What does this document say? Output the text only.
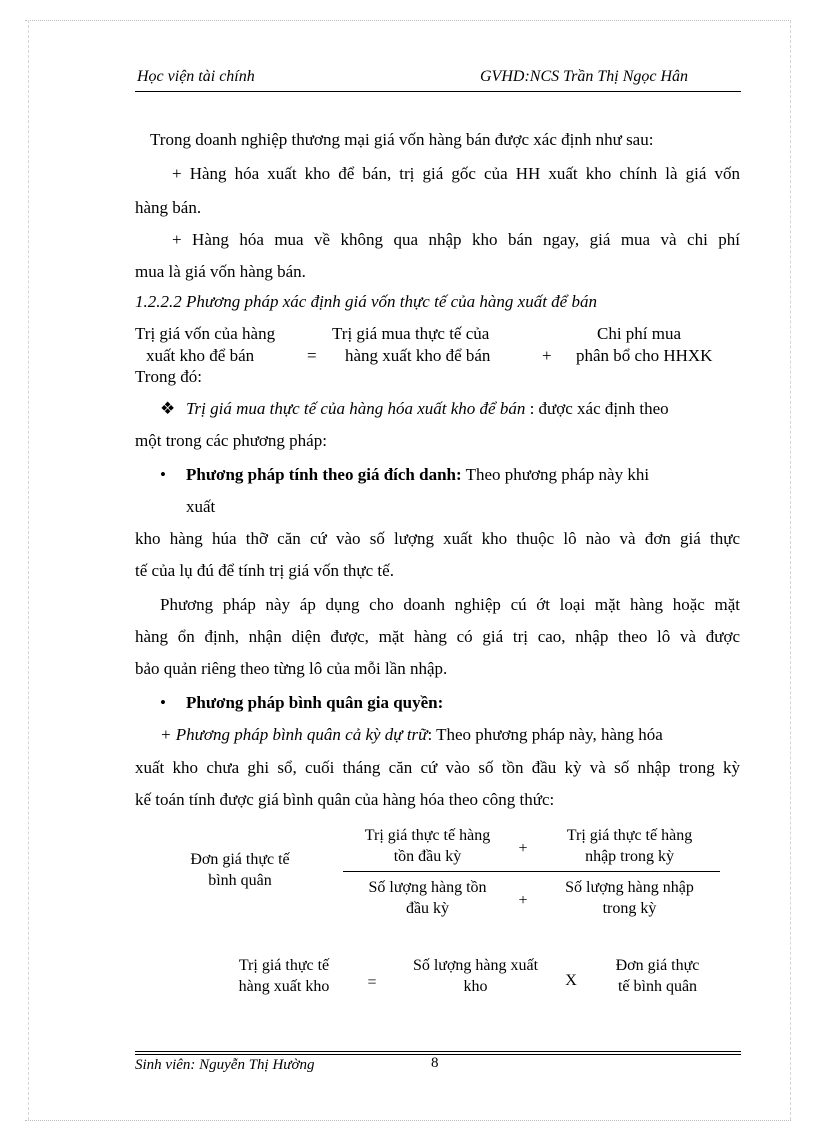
Học viện tài chính	GVHD:NCS Trần Thị Ngọc Hân
Trong doanh nghiệp thương mại giá vốn hàng bán được xác định như sau:
+ Hàng hóa xuất kho để bán, trị giá gốc của HH xuất kho chính là giá vốn
hàng bán.
+ Hàng hóa mua về không qua nhập kho bán ngay, giá mua và chi phí
mua là giá vốn hàng bán.
1.2.2.2 Phương pháp xác định giá vốn thực tế của hàng xuất để bán
Trị giá vốn của hàng
xuất kho để bán	=
Trị giá mua thực tế của
hàng xuất kho để bán	+
Chi phí mua
phân bổ cho HHXK
Trong đó:
❖ Trị giá mua thực tế của hàng hóa xuất kho để bán : được xác định theo
một trong các phương pháp:
• Phương pháp tính theo giá đích danh: Theo phương pháp này khi
xuất
kho hàng húa thỡ căn cứ vào số lượng xuất kho thuộc lô nào và đơn giá thực
tế của lụ đú để tính trị giá vốn thực tế.
Phương pháp này áp dụng cho doanh nghiệp cú ớt loại mặt hàng hoặc mặt
hàng ổn định, nhận diện được, mặt hàng có giá trị cao, nhập theo lô và được
bảo quản riêng theo từng lô của mỗi lần nhập.
• Phương pháp bình quân gia quyền:
+ Phương pháp bình quân cả kỳ dự trữ: Theo phương pháp này, hàng hóa
xuất kho chưa ghi sổ, cuối tháng căn cứ vào số tồn đầu kỳ và số nhập trong kỳ
kế toán tính được giá bình quân của hàng hóa theo công thức:
Đơn giá thực tế
bình quân
Trị giá thực tế hàng
tồn đầu kỳ	+
Trị giá thực tế hàng
nhập trong kỳ
Số lượng hàng tồn
đầu kỳ	+
Số lượng hàng nhập
trong kỳ
Trị giá thực tế
hàng xuất kho	=
Số lượng hàng xuất
kho	X
Đơn giá thực
tế bình quân
Sinh viên: Nguyễn Thị Hường	8
